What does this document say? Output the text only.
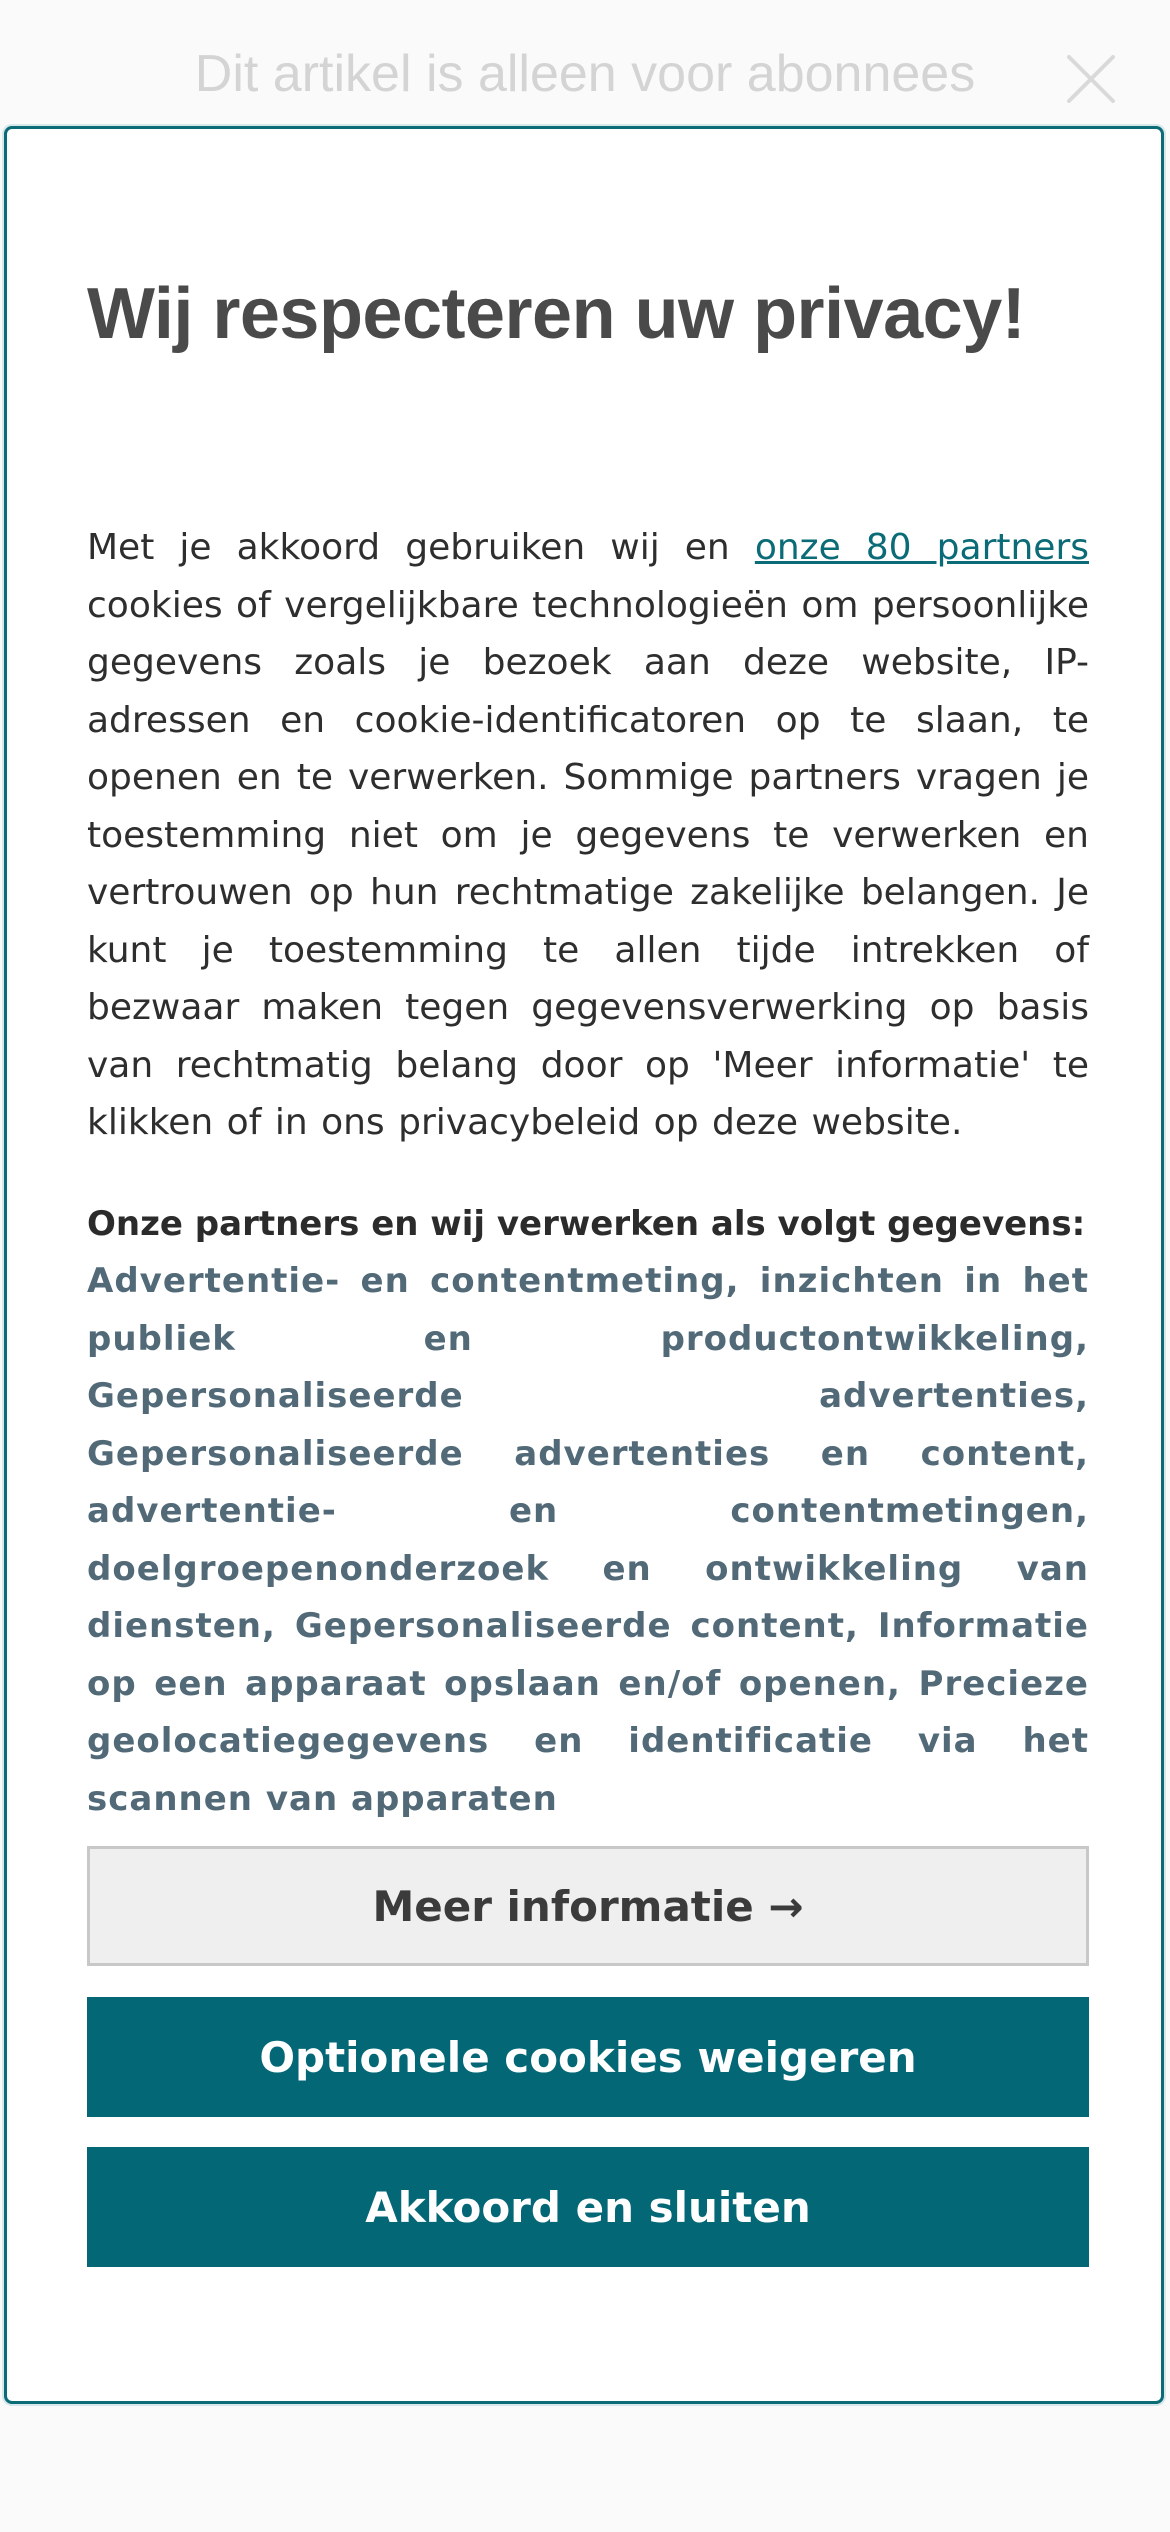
Dit artikel is alleen voor abonnees
Wij respecteren uw privacy!

Met je akkoord gebruiken wij en onze 80 partners cookies of vergelijkbare technologieën om persoonlijke gegevens zoals je bezoek aan deze website, IP-adressen en cookie-identificatoren op te slaan, te openen en te verwerken. Sommige partners vragen je toestemming niet om je gegevens te verwerken en vertrouwen op hun rechtmatige zakelijke belangen. Je kunt je toestemming te allen tijde intrekken of bezwaar maken tegen gegevensverwerking op basis van rechtmatig belang door op 'Meer informatie' te klikken of in ons privacybeleid op deze website.

Onze partners en wij verwerken als volgt gegevens:

Advertentie- en contentmeting, inzichten in het publiek en productontwikkeling, Gepersonaliseerde advertenties, Gepersonaliseerde advertenties en content, advertentie- en contentmetingen, doelgroepenonderzoek en ontwikkeling van diensten, Gepersonaliseerde content, Informatie op een apparaat opslaan en/of openen, Precieze geolocatiegegevens en identificatie via het scannen van apparaten

Meer informatie →
Optionele cookies weigeren
Akkoord en sluiten
